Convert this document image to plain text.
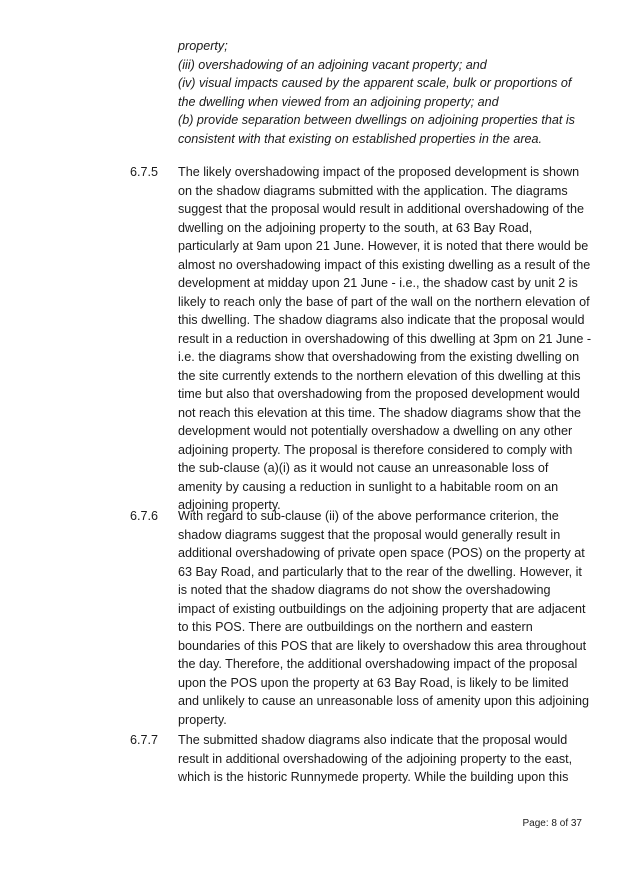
property;
(iii) overshadowing of an adjoining vacant property; and
(iv) visual impacts caused by the apparent scale, bulk or proportions of
the dwelling when viewed from an adjoining property; and
(b) provide separation between dwellings on adjoining properties that is
consistent with that existing on established properties in the area.
6.7.5	The likely overshadowing impact of the proposed development is shown
on the shadow diagrams submitted with the application. The diagrams
suggest that the proposal would result in additional overshadowing of the
dwelling on the adjoining property to the south, at 63 Bay Road,
particularly at 9am upon 21 June. However, it is noted that there would be
almost no overshadowing impact of this existing dwelling as a result of the
development at midday upon 21 June - i.e., the shadow cast by unit 2 is
likely to reach only the base of part of the wall on the northern elevation of
this dwelling. The shadow diagrams also indicate that the proposal would
result in a reduction in overshadowing of this dwelling at 3pm on 21 June -
i.e. the diagrams show that overshadowing from the existing dwelling on
the site currently extends to the northern elevation of this dwelling at this
time but also that overshadowing from the proposed development would
not reach this elevation at this time. The shadow diagrams show that the
development would not potentially overshadow a dwelling on any other
adjoining property. The proposal is therefore considered to comply with
the sub-clause (a)(i) as it would not cause an unreasonable loss of
amenity by causing a reduction in sunlight to a habitable room on an
adjoining property.
6.7.6	With regard to sub-clause (ii) of the above performance criterion, the
shadow diagrams suggest that the proposal would generally result in
additional overshadowing of private open space (POS) on the property at
63 Bay Road, and particularly that to the rear of the dwelling. However, it
is noted that the shadow diagrams do not show the overshadowing
impact of existing outbuildings on the adjoining property that are adjacent
to this POS. There are outbuildings on the northern and eastern
boundaries of this POS that are likely to overshadow this area throughout
the day. Therefore, the additional overshadowing impact of the proposal
upon the POS upon the property at 63 Bay Road, is likely to be limited
and unlikely to cause an unreasonable loss of amenity upon this adjoining
property.
6.7.7	The submitted shadow diagrams also indicate that the proposal would
result in additional overshadowing of the adjoining property to the east,
which is the historic Runnymede property. While the building upon this
Page: 8 of 37
